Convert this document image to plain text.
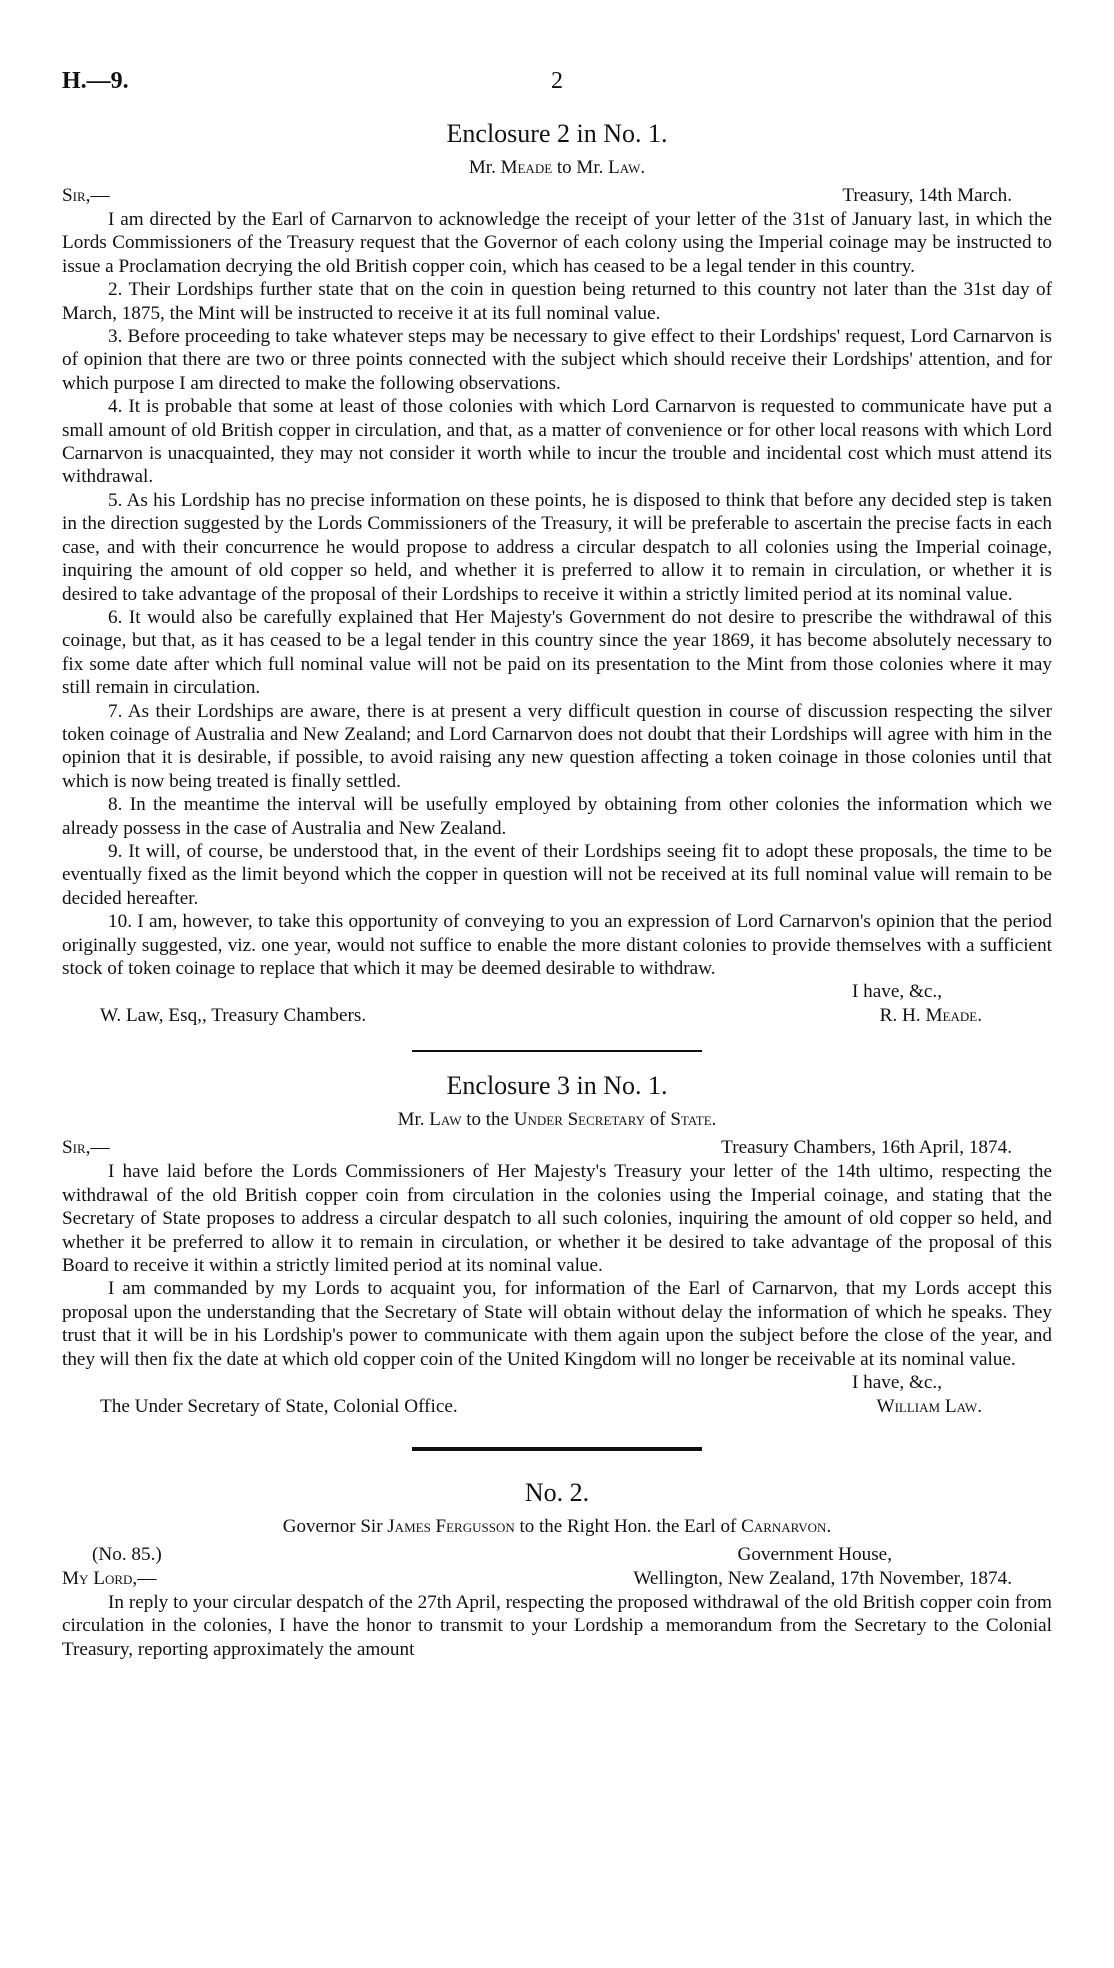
H.—9.	2
Enclosure 2 in No. 1.
Mr. Meade to Mr. Law.
Sir,—	Treasury, 14th March.

I am directed by the Earl of Carnarvon to acknowledge the receipt of your letter of the 31st of January last, in which the Lords Commissioners of the Treasury request that the Governor of each colony using the Imperial coinage may be instructed to issue a Proclamation decrying the old British copper coin, which has ceased to be a legal tender in this country.

2. Their Lordships further state that on the coin in question being returned to this country not later than the 31st day of March, 1875, the Mint will be instructed to receive it at its full nominal value.

3. Before proceeding to take whatever steps may be necessary to give effect to their Lordships' request, Lord Carnarvon is of opinion that there are two or three points connected with the subject which should receive their Lordships' attention, and for which purpose I am directed to make the following observations.

4. It is probable that some at least of those colonies with which Lord Carnarvon is requested to communicate have put a small amount of old British copper in circulation, and that, as a matter of convenience or for other local reasons with which Lord Carnarvon is unacquainted, they may not consider it worth while to incur the trouble and incidental cost which must attend its withdrawal.

5. As his Lordship has no precise information on these points, he is disposed to think that before any decided step is taken in the direction suggested by the Lords Commissioners of the Treasury, it will be preferable to ascertain the precise facts in each case, and with their concurrence he would propose to address a circular despatch to all colonies using the Imperial coinage, inquiring the amount of old copper so held, and whether it is preferred to allow it to remain in circulation, or whether it is desired to take advantage of the proposal of their Lordships to receive it within a strictly limited period at its nominal value.

6. It would also be carefully explained that Her Majesty's Government do not desire to prescribe the withdrawal of this coinage, but that, as it has ceased to be a legal tender in this country since the year 1869, it has become absolutely necessary to fix some date after which full nominal value will not be paid on its presentation to the Mint from those colonies where it may still remain in circulation.

7. As their Lordships are aware, there is at present a very difficult question in course of discussion respecting the silver token coinage of Australia and New Zealand; and Lord Carnarvon does not doubt that their Lordships will agree with him in the opinion that it is desirable, if possible, to avoid raising any new question affecting a token coinage in those colonies until that which is now being treated is finally settled.

8. In the meantime the interval will be usefully employed by obtaining from other colonies the information which we already possess in the case of Australia and New Zealand.

9. It will, of course, be understood that, in the event of their Lordships seeing fit to adopt these proposals, the time to be eventually fixed as the limit beyond which the copper in question will not be received at its full nominal value will remain to be decided hereafter.

10. I am, however, to take this opportunity of conveying to you an expression of Lord Carnarvon's opinion that the period originally suggested, viz. one year, would not suffice to enable the more distant colonies to provide themselves with a sufficient stock of token coinage to replace that which it may be deemed desirable to withdraw.

I have, &c.,
W. Law, Esq,, Treasury Chambers.	R. H. Meade.
Enclosure 3 in No. 1.
Mr. Law to the Under Secretary of State.
Sir,—	Treasury Chambers, 16th April, 1874.

I have laid before the Lords Commissioners of Her Majesty's Treasury your letter of the 14th ultimo, respecting the withdrawal of the old British copper coin from circulation in the colonies using the Imperial coinage, and stating that the Secretary of State proposes to address a circular despatch to all such colonies, inquiring the amount of old copper so held, and whether it be preferred to allow it to remain in circulation, or whether it be desired to take advantage of the proposal of this Board to receive it within a strictly limited period at its nominal value.

I am commanded by my Lords to acquaint you, for information of the Earl of Carnarvon, that my Lords accept this proposal upon the understanding that the Secretary of State will obtain without delay the information of which he speaks. They trust that it will be in his Lordship's power to communicate with them again upon the subject before the close of the year, and they will then fix the date at which old copper coin of the United Kingdom will no longer be receivable at its nominal value.

I have, &c.,
The Under Secretary of State, Colonial Office.	William Law.
No. 2.
Governor Sir James Fergusson to the Right Hon. the Earl of Carnarvon.
(No. 85.)	Government House,
My Lord,—	Wellington, New Zealand, 17th November, 1874.

In reply to your circular despatch of the 27th April, respecting the proposed withdrawal of the old British copper coin from circulation in the colonies, I have the honor to transmit to your Lordship a memorandum from the Secretary to the Colonial Treasury, reporting approximately the amount
